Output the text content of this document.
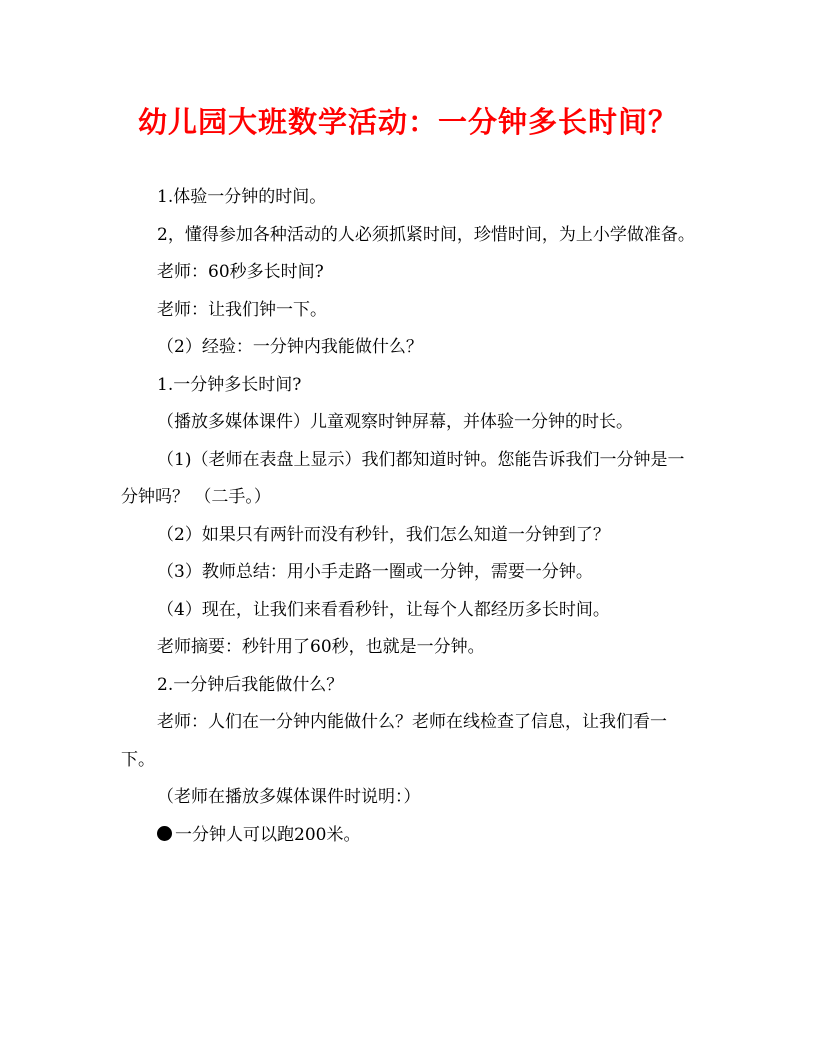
幼儿园大班数学活动：一分钟多长时间？

1.体验一分钟的时间。

2，懂得参加各种活动的人必须抓紧时间，珍惜时间，为上小学做准备。

老师：60秒多长时间?

老师：让我们钟一下。

（2）经验：一分钟内我能做什么？

1.一分钟多长时间?

（播放多媒体课件）儿童观察时钟屏幕，并体验一分钟的时长。

（1)（老师在表盘上显示）我们都知道时钟。您能告诉我们一分钟是一分钟吗？ （二手。）

（2）如果只有两针而没有秒针，我们怎么知道一分钟到了？

（3）教师总结：用小手走路一圈或一分钟，需要一分钟。

（4）现在，让我们来看看秒针，让每个人都经历多长时间。

老师摘要：秒针用了60秒，也就是一分钟。

2.一分钟后我能做什么？

老师：人们在一分钟内能做什么？老师在线检查了信息，让我们看一下。

（老师在播放多媒体课件时说明：）

一分钟人可以跑200米。
